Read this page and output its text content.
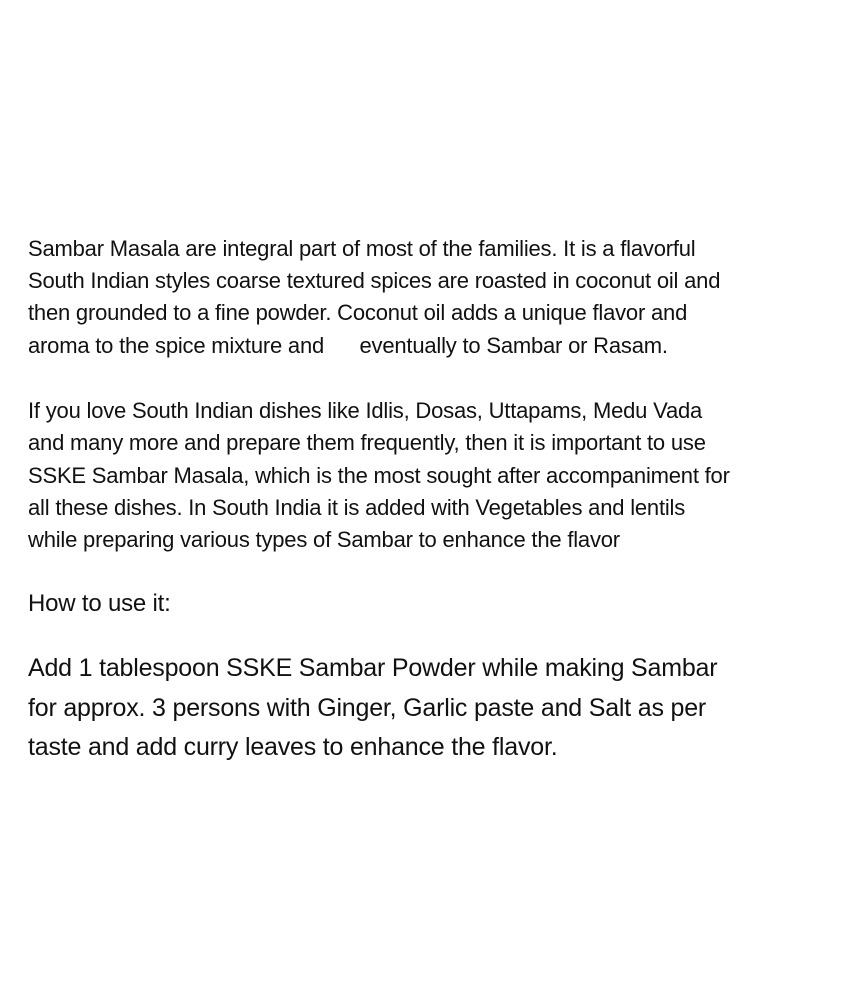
Sambar Masala are integral part of most of the families. It is a flavorful
South Indian styles coarse textured spices are roasted in coconut oil and
then grounded to a fine powder. Coconut oil adds a unique flavor and
aroma to the spice mixture and      eventually to Sambar or Rasam.
If you love South Indian dishes like Idlis, Dosas, Uttapams, Medu Vada
and many more and prepare them frequently, then it is important to use
SSKE Sambar Masala, which is the most sought after accompaniment for
all these dishes. In South India it is added with Vegetables and lentils
while preparing various types of Sambar to enhance the flavor
How to use it:
Add 1 tablespoon SSKE Sambar Powder while making Sambar
for approx. 3 persons with Ginger, Garlic paste and Salt as per
taste and add curry leaves to enhance the flavor.
